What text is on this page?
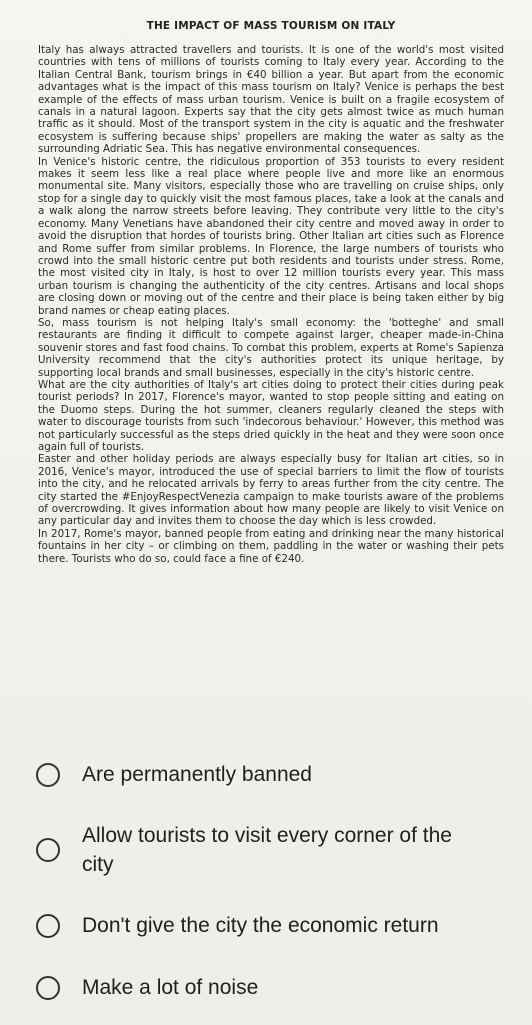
THE IMPACT OF MASS TOURISM ON ITALY

Italy has always attracted travellers and tourists. It is one of the world's most visited countries with tens of millions of tourists coming to Italy every year. According to the Italian Central Bank, tourism brings in €40 billion a year. But apart from the economic advantages what is the impact of this mass tourism on Italy? Venice is perhaps the best example of the effects of mass urban tourism. Venice is built on a fragile ecosystem of canals in a natural lagoon. Experts say that the city gets almost twice as much human traffic as it should. Most of the transport system in the city is aquatic and the freshwater ecosystem is suffering because ships' propellers are making the water as salty as the surrounding Adriatic Sea. This has negative environmental consequences.

In Venice's historic centre, the ridiculous proportion of 353 tourists to every resident makes it seem less like a real place where people live and more like an enormous monumental site. Many visitors, especially those who are travelling on cruise ships, only stop for a single day to quickly visit the most famous places, take a look at the canals and a walk along the narrow streets before leaving. They contribute very little to the city's economy. Many Venetians have abandoned their city centre and moved away in order to avoid the disruption that hordes of tourists bring. Other Italian art cities such as Florence and Rome suffer from similar problems. In Florence, the large numbers of tourists who crowd into the small historic centre put both residents and tourists under stress. Rome, the most visited city in Italy, is host to over 12 million tourists every year. This mass urban tourism is changing the authenticity of the city centres. Artisans and local shops are closing down or moving out of the centre and their place is being taken either by big brand names or cheap eating places.

So, mass tourism is not helping Italy's small economy: the 'botteghe' and small restaurants are finding it difficult to compete against larger, cheaper made-in-China souvenir stores and fast food chains. To combat this problem, experts at Rome's Sapienza University recommend that the city's authorities protect its unique heritage, by supporting local brands and small businesses, especially in the city's historic centre.

What are the city authorities of Italy's art cities doing to protect their cities during peak tourist periods? In 2017, Florence's mayor, wanted to stop people sitting and eating on the Duomo steps. During the hot summer, cleaners regularly cleaned the steps with water to discourage tourists from such 'indecorous behaviour.' However, this method was not particularly successful as the steps dried quickly in the heat and they were soon once again full of tourists.

Easter and other holiday periods are always especially busy for Italian art cities, so in 2016, Venice's mayor, introduced the use of special barriers to limit the flow of tourists into the city, and he relocated arrivals by ferry to areas further from the city centre. The city started the #EnjoyRespectVenezia campaign to make tourists aware of the problems of overcrowding. It gives information about how many people are likely to visit Venice on any particular day and invites them to choose the day which is less crowded.

In 2017, Rome's mayor, banned people from eating and drinking near the many historical fountains in her city – or climbing on them, paddling in the water or washing their pets there. Tourists who do so, could face a fine of €240.

Are permanently banned
Allow tourists to visit every corner of the city
Don't give the city the economic return
Make a lot of noise
